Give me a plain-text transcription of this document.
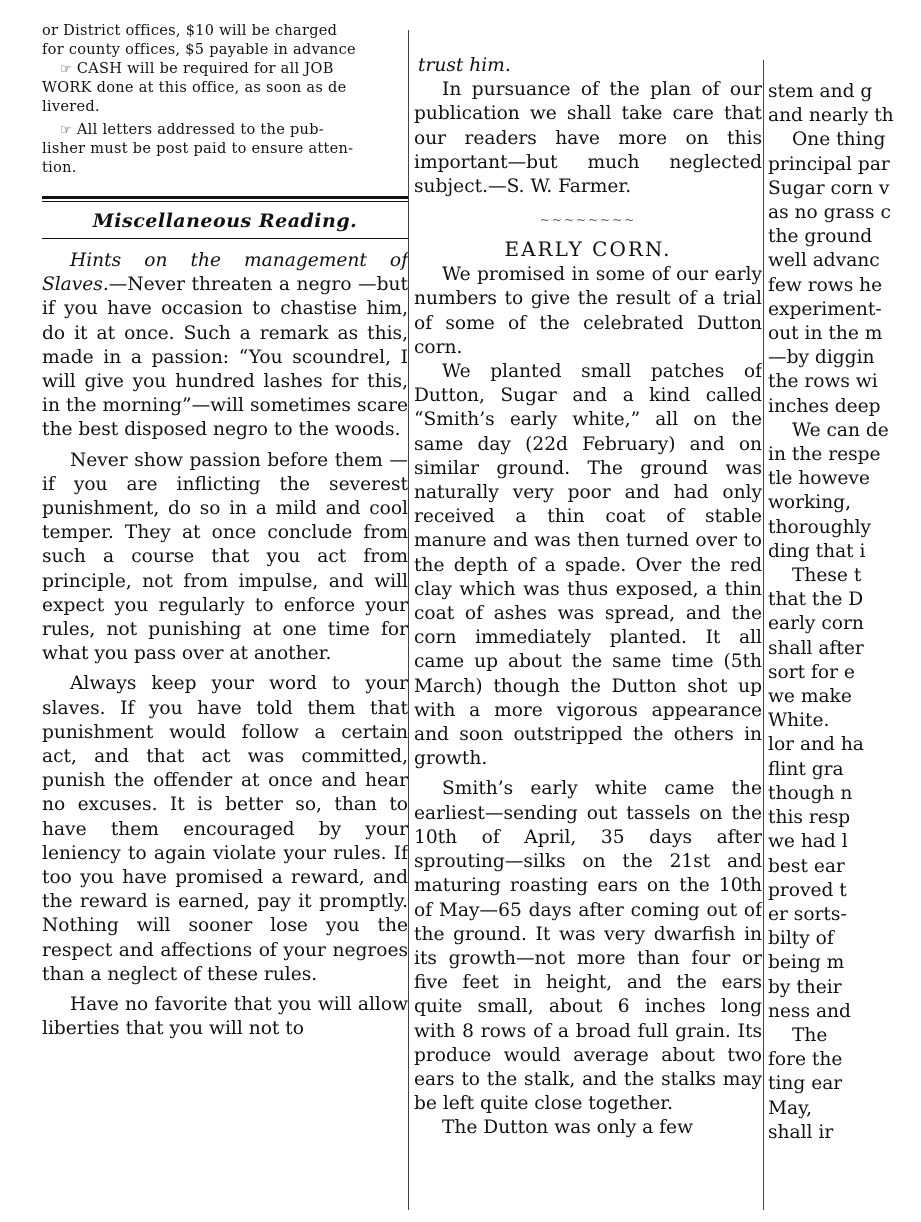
or District offices, $10 will be charged

for county offices, $5 payable in advance

☞ CASH will be required for all JOB

WORK done at this office, as soon as de

livered.

☞ All letters addressed to the pub-

lisher must be post paid to ensure atten-

tion.

Miscellaneous Reading.

Hints on the management of Slaves.—Never threaten a negro —but if you have occasion to chastise him, do it at once. Such a remark as this, made in a passion: “You scoundrel, I will give you hundred lashes for this, in the morning”—will sometimes scare the best disposed negro to the woods.

Never show passion before them —if you are inflicting the severest punishment, do so in a mild and cool temper. They at once conclude from such a course that you act from principle, not from impulse, and will expect you regularly to enforce your rules, not punishing at one time for what you pass over at another.

Always keep your word to your slaves. If you have told them that punishment would follow a certain act, and that act was committed, punish the offender at once and hear no excuses. It is better so, than to have them encouraged by your leniency to again violate your rules. If too you have promised a reward, and the reward is earned, pay it promptly. Nothing will sooner lose you the respect and affections of your negroes than a neglect of these rules.

Have no favorite that you will allow liberties that you will not to

trust him.

In pursuance of the plan of our publication we shall take care that our readers have more on this important—but much neglected subject.—S. W. Farmer.

~~~~~~~~
EARLY CORN.

We promised in some of our early numbers to give the result of a trial of some of the celebrated Dutton corn.

We planted small patches of Dutton, Sugar and a kind called “Smith’s early white,” all on the same day (22d February) and on similar ground. The ground was naturally very poor and had only received a thin coat of stable manure and was then turned over to the depth of a spade. Over the red clay which was thus exposed, a thin coat of ashes was spread, and the corn immediately planted. It all came up about the same time (5th March) though the Dutton shot up with a more vigorous appearance and soon outstripped the others in growth.

Smith’s early white came the earliest—sending out tassels on the 10th of April, 35 days after sprouting—silks on the 21st and maturing roasting ears on the 10th of May—65 days after coming out of the ground. It was very dwarfish in its growth—not more than four or five feet in height, and the ears quite small, about 6 inches long with 8 rows of a broad full grain. Its produce would average about two ears to the stalk, and the stalks may be left quite close together.

The Dutton was only a few

stem and g

and nearly th

One thing

principal par

Sugar corn v

as no grass c

the ground

well advanc

few rows he

experiment-

out in the m

—by diggin

the rows wi

inches deep

We can de

in the respe

tle howeve

working,

thoroughly

ding that i

These t

that the D

early corn

shall after

sort for e

we make

White.

lor and ha

flint gra

though n

this resp

we had l

best ear

proved t

er sorts-

bilty of

being m

by their

ness and

The

fore the

ting ear

May,

shall ir
